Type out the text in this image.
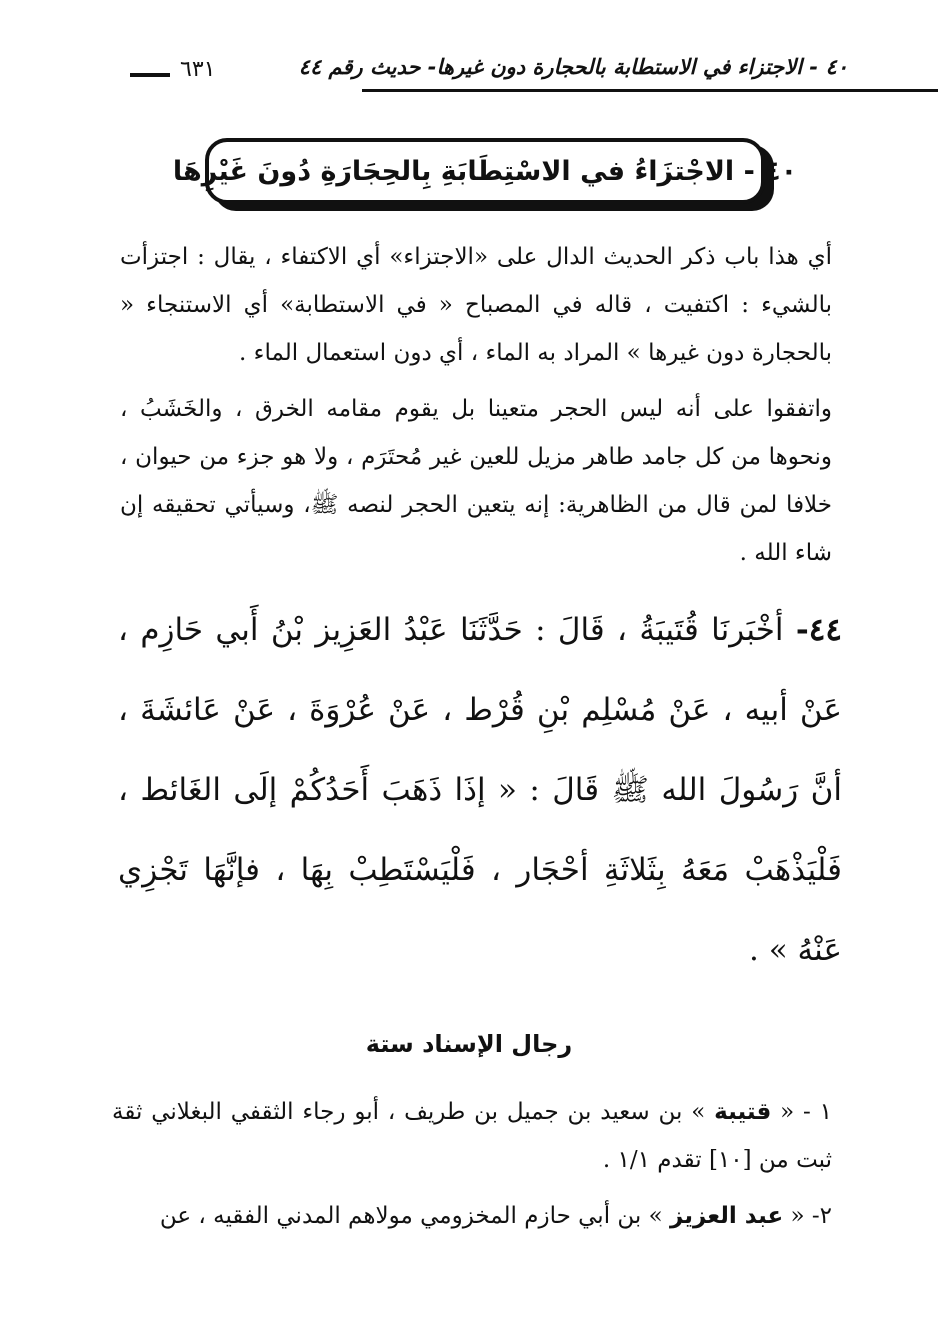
٤٠ - الاجتزاء في الاستطابة بالحجارة دون غيرها- حديث رقم ٤٤
٦٣١
٤٠ - الاجْتزَاءُ في الاسْتِطَابَةِ بِالحِجَارَةِ دُونَ غَيْرِهَا

أي هذا باب ذكر الحديث الدال على «الاجتزاء» أي الاكتفاء ، يقال : اجتزأت بالشيء : اكتفيت ، قاله في المصباح « في الاستطابة» أي الاستنجاء « بالحجارة دون غيرها » المراد به الماء ، أي دون استعمال الماء .

واتفقوا على أنه ليس الحجر متعينا بل يقوم مقامه الخرق ، والخَشَبُ ، ونحوها من كل جامد طاهر مزيل للعين غير مُحتَرَم ، ولا هو جزء من حيوان ، خلافا لمن قال من الظاهرية: إنه يتعين الحجر لنصه ﷺ، وسيأتي تحقيقه إن شاء الله .

٤٤- أخْبَرنَا قُتَيبَةُ ، قَالَ : حَدَّثَنَا عَبْدُ العَزِيز بْنُ أَبي حَازِم ، عَنْ أبيه ، عَنْ مُسْلِم بْنِ قُرْط ، عَنْ عُرْوَةَ ، عَنْ عَائشَةَ ، أنَّ رَسُولَ الله ﷺ قَالَ : « إذَا ذَهَبَ أَحَدُكُمْ إلَى الغَائط ، فَلْيَذْهَبْ مَعَهُ بِثَلاثَةِ أحْجَار ، فَلْيَسْتَطِبْ بِهَا ، فإنَّهَا تَجْزِي عَنْهُ » .
رجال الإسناد ستة

١ - « قتيبة » بن سعيد بن جميل بن طريف ، أبو رجاء الثقفي البغلاني ثقة ثبت من [١٠] تقدم ١/١ .

٢- « عبد العزيز » بن أبي حازم المخزومي مولاهم المدني الفقيه ، عن
